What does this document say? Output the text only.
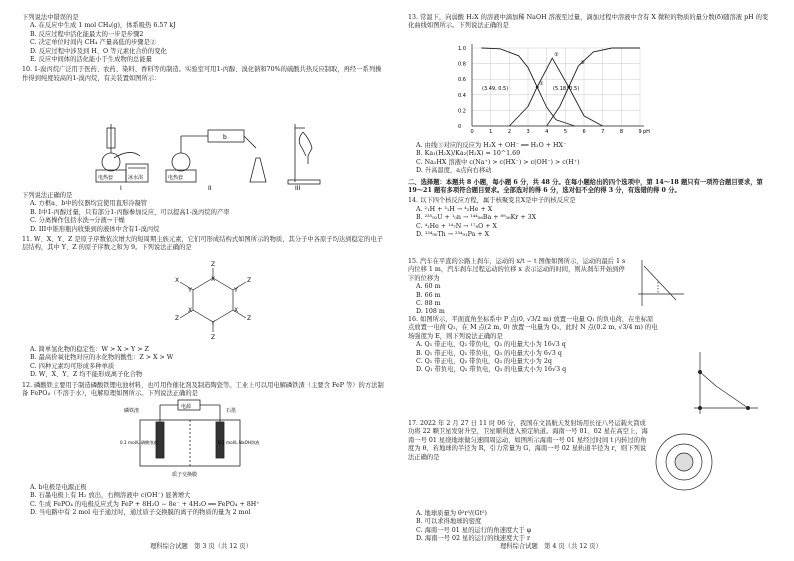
下列说法中错误的是

A. 在反应中生成 1 mol CH₄(g)，体系吸热 6.57 kJ

B. 反应过程中活化能最大的一步是步骤2

C. 决定单位时间内 CH₄ 产量高低的步骤是②

D. 反应过程中涉及到 H、O 等元素化合价的变化

E. 反应中间体的活化能小于生成物的总能量

10. 1-溴丙烷广泛用于医药、农药、染料、香料等的制造。实验室可用1-丙醇、溴化钠和70%的硫酸共热反应制取，再经一系列操作得到纯度较高的1-溴丙烷，有关装置如图所示：

电热套	冰水浴
b
电热套
I	II	III

下列说法正确的是

A. 方框a、b中的仪器均宜使用直形冷凝管

B. I中1-丙醇过量，只有部分1-丙醇参加反应，可以提高1-溴丙烷的产率

C. 分离操作包括水洗→分液→干燥

D. III中锥形瓶内收集到的液体中含有1-溴丙烷

11. W、X、Y、Z 是原子序数依次增大的短周期主族元素，它们可形成结构式如图所示的物质，其分子中各原子均达到稳定的电子层结构，其中 Y、Z 的原子序数之和为 9。下列说法正确的是

Z
X
Y	Y
X
Z	Z
X
Y
Z
X	Z

A. 简单氢化物的稳定性：W > X > Y > Z

B. 最高价氧化物对应的水化物的酸性：Z > X > W

C. 四种元素均可形成多种单质

D. W、X、Y、Z 均不能形成离子化合物

12. 磷酸铁主要用于制造磷酸铁锂电池材料，也可用作催化剂及制造陶瓷等。工业上可以用电解磷铁渣（主要含 FeP 等）的方法制备 FePO₄（不溶于水），电解原理如图所示。下列说法正确的是

磷铁渣
电源
石墨
0.1 mol/L 磷酸溶液	0.1 mol/L NaOH溶液
质子交换膜

A. b电极是电源正极

B. 石墨电极上有 H₂ 放出，右侧溶液中 c(OH⁻) 显著增大

C. 生成 FePO₄ 的电极反应式为 FeP + 8H₂O − 8e⁻ + 4H₂O ══ FePO₄ + 8H⁺

D. 当电路中有 2 mol 电子通过时，通过质子交换膜的离子的物质的量为 2 mol

理科综合试题　第 3 页（共 12 页）

13. 常温下，向弱酸 H₂X 的溶液中滴加稀 NaOH 溶液至过量，滴加过程中溶液中含有 X 微粒的物质的量分数(δ)随溶液 pH 的变化曲线如图所示。下列说法正确的是

①
②
③
0	1	2	3	4	5	6	7	8	9 pH
1.0
0.8
0.6
0.4
0.2
0
(3.49, 0.5)	(5.18, 0.5)

A. 由线③对应的反应为 H₂X + OH⁻ ══ H₂O + HX⁻

B. Ka₁(H₂X)/Ka₂(H₂X) = 10^1.69

C. Na₂HX 溶液中 c(Na⁺) > c(HX⁻) > c(OH⁻) > c(H⁺)

D. 升高温度，a点向右移动

二、选择题：本题共 8 小题，每小题 6 分，共 48 分。在每小题给出的四个选项中，第 14～18 题只有一项符合题目要求，第 19～21 题有多项符合题目要求。全部选对的得 6 分，选对但不全的得 3 分，有选错的得 0 分。

14. 以下四个核反应方程，属于核聚变且X是中子的核反应是

A. ²₁H + ³₁H → ⁴₂He + X

B. ²³⁵₉₂U + ¹₀n → ¹⁴⁴₅₆Ba + ⁸⁹₃₆Kr + 3X

C. ⁴₂He + ¹⁴₇N → ¹⁷₈O + X

D. ²³⁴₉₀Th → ²³⁴₉₁Pa + X

15. 汽车在平直的公路上刹车，运动的 x/t − t 图像如图所示，运动的最后 1 s 内位移 1 m，汽车刹车过程运动的位移 x 表示运动的时间，则从刹车开始到停下的位移为

A. 60 m

B. 66 m

C. 88 m

D. 108 m

16. 如图所示，平面直角坐标系中 P 点(0, √3/2 m) 放置一电量 Q₁ 的负电荷，在坐标原点放置一电荷 Q₂，在 M 点(2 m, 0) 放置一电量为 Q₃，此时 N 点(0.2 m, √3/4 m) 的电场强度为 E，则下列说法正确的是

A. Q₁ 带正电，Q₂ 带负电，Q₃ 的电量大小为 16√3 q

B. Q₁ 带正电，Q₂ 带负电，Q₃ 的电量大小为 6√3 q

C. Q₁ 带正电，Q₂ 带负电，Q₃ 的电量大小为 2q

D. Q₁ 带负电，Q₂ 带负电，Q₃ 的电量大小为 16√3 q

17. 2022 年 2 月 27 日 11 时 06 分，我国在文昌航天发射场用长征八号运载火箭成功将 22 颗卫星发射升空，卫星顺利进入预定轨道。海南一号 01、02 星在高空上，海南一号 01 星绕地球做匀速圆周运动，如图所示海南一号 01 星经过时间 t 内转过的角度为 θ，若地球的半径为 R，引力常量为 G，海南一号 02 星轨道半径为 r，则下列说法正确的是

A. 地球质量为 θ²r³/(Gt²)

B. 可以求得地球的密度

C. 海南一号 01 星的运行的角速度大于 φ

D. 海南一号 02 星的运行的线速度大于 r

理科综合试题　第 4 页（共 12 页）
